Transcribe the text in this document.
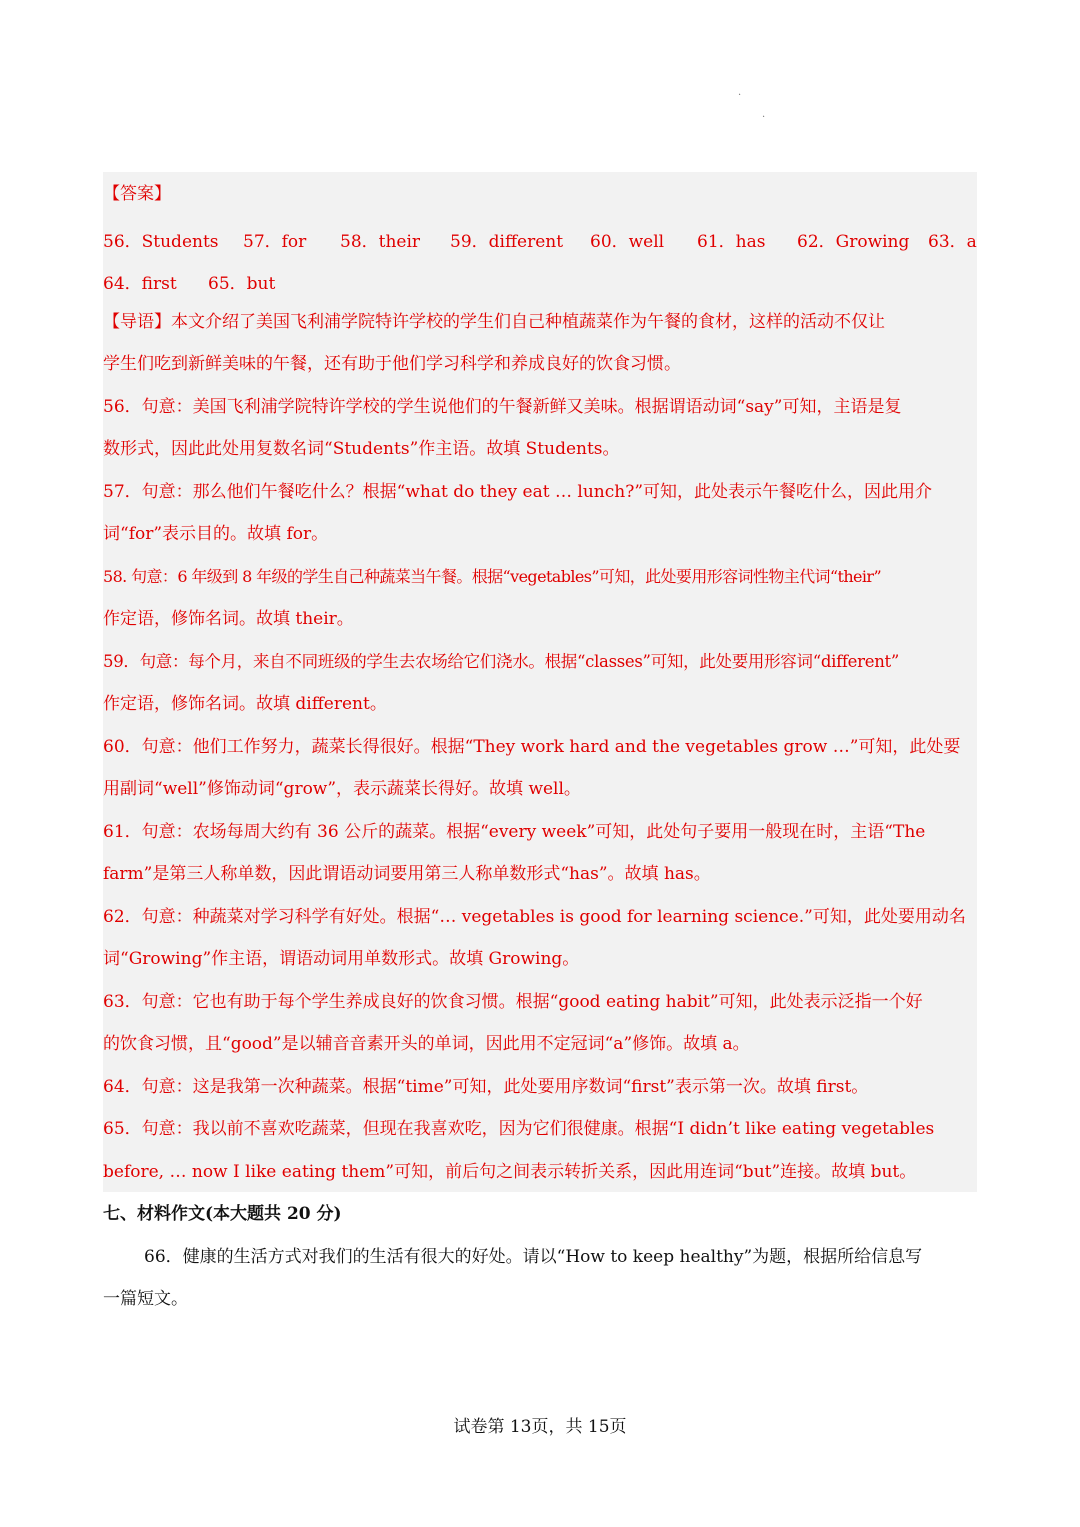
.
.
【答案】
56．Students 57．for 58．their 59．different 60．well 61．has 62．Growing 63．a
64．first 65．but
【导语】本文介绍了美国飞利浦学院特许学校的学生们自己种植蔬菜作为午餐的食材，这样的活动不仅让
学生们吃到新鲜美味的午餐，还有助于他们学习科学和养成良好的饮食习惯。
56．句意：美国飞利浦学院特许学校的学生说他们的午餐新鲜又美味。根据谓语动词“say”可知，主语是复
数形式，因此此处用复数名词“Students”作主语。故填 Students。
57．句意：那么他们午餐吃什么？根据“what do they eat … lunch?”可知，此处表示午餐吃什么，因此用介
词“for”表示目的。故填 for。
58. 句意：6 年级到 8 年级的学生自己种蔬菜当午餐。根据“vegetables”可知，此处要用形容词性物主代词“their”
作定语，修饰名词。故填 their。
59．句意：每个月，来自不同班级的学生去农场给它们浇水。根据“classes”可知，此处要用形容词“different”
作定语，修饰名词。故填 different。
60．句意：他们工作努力，蔬菜长得很好。根据“They work hard and the vegetables grow …”可知，此处要
用副词“well”修饰动词“grow”，表示蔬菜长得好。故填 well。
61．句意：农场每周大约有 36 公斤的蔬菜。根据“every week”可知，此处句子要用一般现在时，主语“The
farm”是第三人称单数，因此谓语动词要用第三人称单数形式“has”。故填 has。
62．句意：种蔬菜对学习科学有好处。根据“… vegetables is good for learning science.”可知，此处要用动名
词“Growing”作主语，谓语动词用单数形式。故填 Growing。
63．句意：它也有助于每个学生养成良好的饮食习惯。根据“good eating habit”可知，此处表示泛指一个好
的饮食习惯，且“good”是以辅音音素开头的单词，因此用不定冠词“a”修饰。故填 a。
64．句意：这是我第一次种蔬菜。根据“time”可知，此处要用序数词“first”表示第一次。故填 first。
65．句意：我以前不喜欢吃蔬菜，但现在我喜欢吃，因为它们很健康。根据“I didn’t like eating vegetables
before, … now I like eating them”可知，前后句之间表示转折关系，因此用连词“but”连接。故填 but。
七、材料作文(本大题共 20 分)
66．健康的生活方式对我们的生活有很大的好处。请以“How to keep healthy”为题，根据所给信息写
一篇短文。
试卷第 13页，共 15页
